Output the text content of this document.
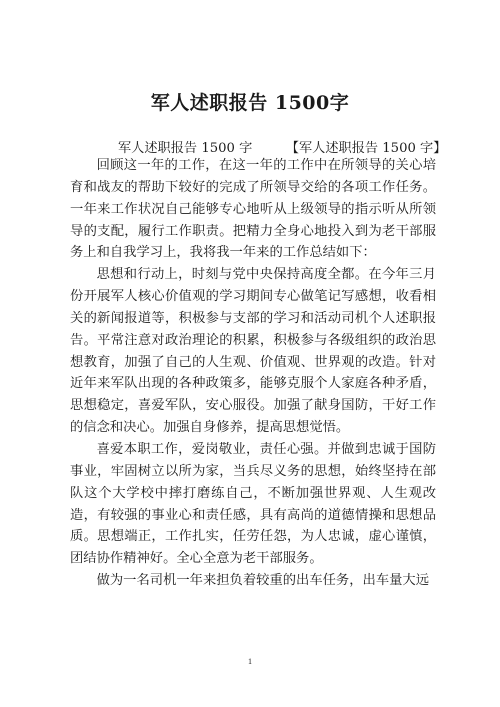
军人述职报告 1500字
军人述职报告 1500 字        【军人述职报告 1500 字】

回顾这一年的工作，在这一年的工作中在所领导的关心培育和战友的帮助下较好的完成了所领导交给的各项工作任务。一年来工作状况自己能够专心地听从上级领导的指示听从所领导的支配，履行工作职责。把精力全身心地投入到为老干部服务上和自我学习上，我将我一年来的工作总结如下：

思想和行动上，时刻与党中央保持高度全都。在今年三月份开展军人核心价值观的学习期间专心做笔记写感想，收看相关的新闻报道等，积极参与支部的学习和活动司机个人述职报告。平常注意对政治理论的积累，积极参与各级组织的政治思想教育，加强了自己的人生观、价值观、世界观的改造。针对近年来军队出现的各种政策多，能够克服个人家庭各种矛盾，思想稳定，喜爱军队，安心服役。加强了献身国防，干好工作的信念和决心。加强自身修养，提高思想觉悟。

喜爱本职工作，爱岗敬业，责任心强。并做到忠诚于国防事业，牢固树立以所为家，当兵尽义务的思想，始终坚持在部队这个大学校中摔打磨练自己，不断加强世界观、人生观改造，有较强的事业心和责任感，具有高尚的道德情操和思想品质。思想端正，工作扎实，任劳任怨，为人忠诚，虚心谨慎，团结协作精神好。全心全意为老干部服务。

做为一名司机一年来担负着较重的出车任务，出车量大远

1
